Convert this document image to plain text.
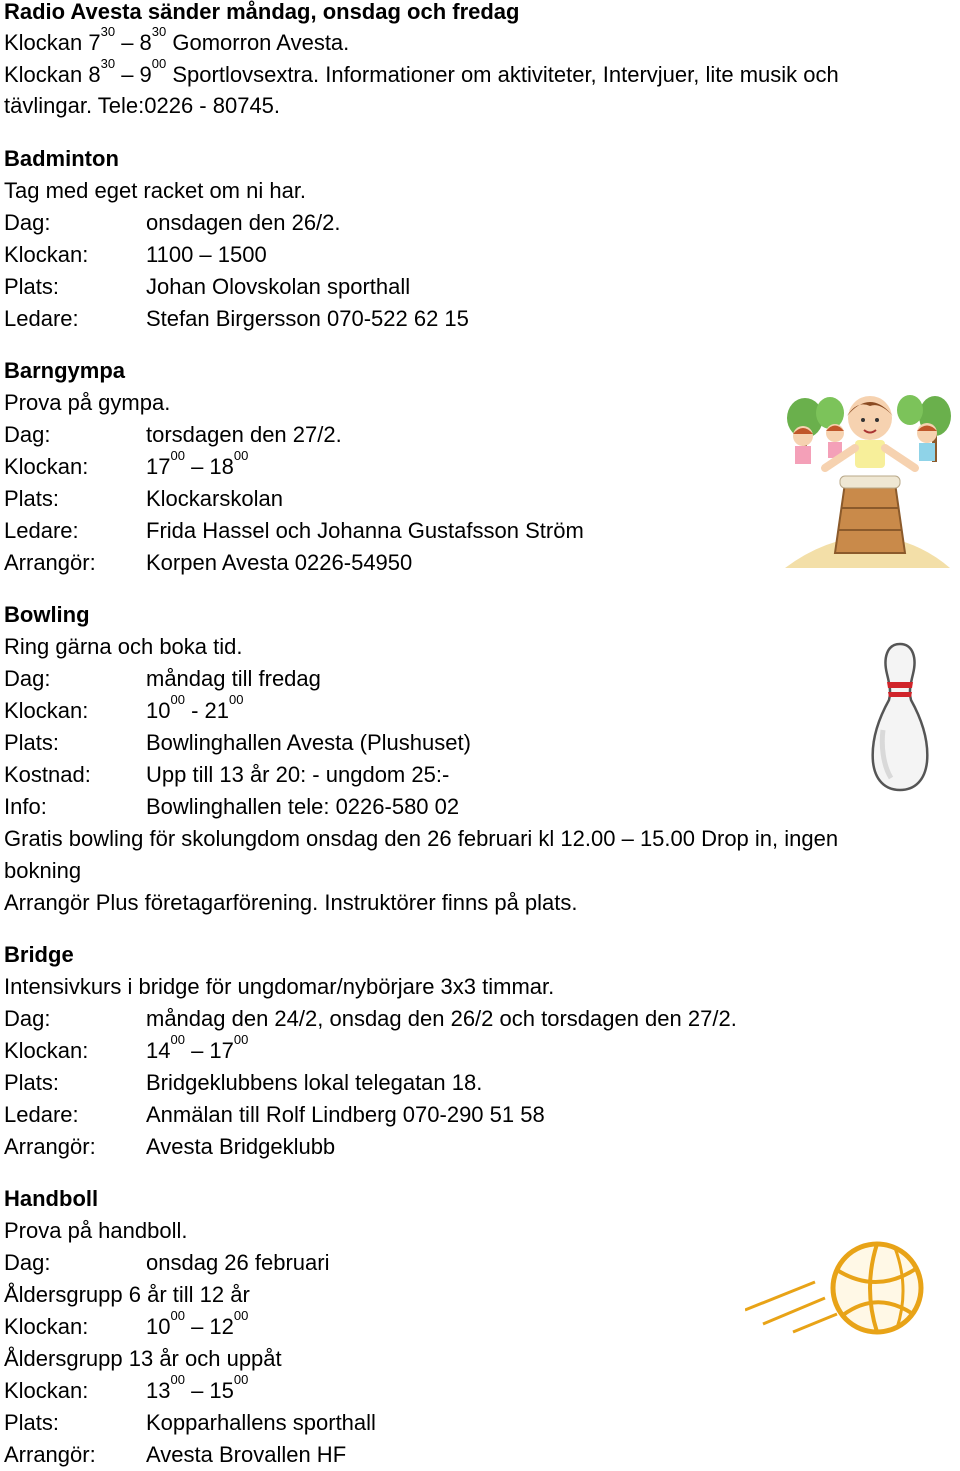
Radio Avesta sänder måndag, onsdag och fredag
Klockan $7^{30} - 8^{30}$ Gomorron Avesta.
Klockan $8^{30} - 9^{00}$ Sportlovsextra. Informationer om aktiviteter, Intervjuer, lite musik och
tävlingar. Tele:0226 - 80745.
Badminton
Tag med eget racket om ni har.
Dag:	onsdagen den 26/2.
Klockan:	1100 – 1500
Plats:	Johan Olovskolan sporthall
Ledare:	Stefan Birgersson 070-522 62 15
Barngympa
Prova på gympa.
Dag:	torsdagen den 27/2.
Klockan:	$17^{00} - 18^{00}$
Plats:	Klockarskolan
Ledare:	Frida Hassel och Johanna Gustafsson Ström
Arrangör: Korpen Avesta 0226-54950
Bowling
Ring gärna och boka tid.
Dag:	måndag till fredag
Klockan:	$10^{00} - 21^{00}$
Plats:	Bowlinghallen Avesta (Plushuset)
Kostnad:	Upp till 13 år 20: - ungdom 25:-
Info:	Bowlinghallen tele: 0226-580 02
Gratis bowling för skolungdom onsdag den 26 februari kl 12.00 – 15.00 Drop in, ingen
bokning
Arrangör Plus företagarförening. Instruktörer finns på plats.
Bridge
Intensivkurs i bridge för ungdomar/nybörjare 3x3 timmar.
Dag:	måndag den 24/2, onsdag den 26/2 och torsdagen den 27/2.
Klockan:	$14^{00} - 17^{00}$
Plats:	Bridgeklubbens lokal telegatan 18.
Ledare:	Anmälan till Rolf Lindberg 070-290 51 58
Arrangör: Avesta Bridgeklubb
Handboll
Prova på handboll.
Dag:	onsdag 26 februari
Åldersgrupp 6 år till 12 år
Klockan:	$10^{00} - 12^{00}$
Åldersgrupp 13 år och uppåt
Klockan:	$13^{00} - 15^{00}$
Plats:	Kopparhallens sporthall
Arrangör: Avesta Brovallen HF
